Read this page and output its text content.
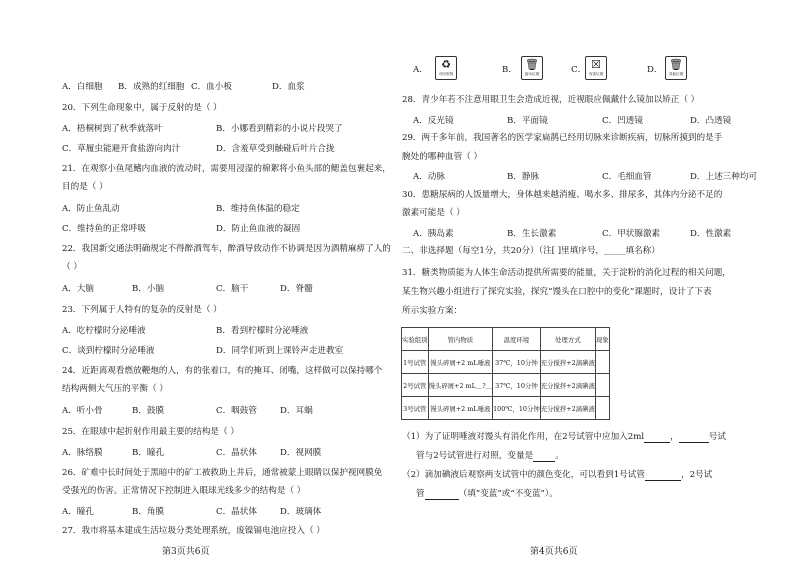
A．白细胞 B．成熟的红细胞 C．血小板	D．血浆
20．下列生命现象中，属于反射的是（ ）
A．梧桐树到了秋季就落叶	B．小娜看到精彩的小说片段哭了
C．草履虫能避开食盐游向肉汁	D．含羞草受到触碰后叶片合拢
21．在观察小鱼尾鳍内血液的流动时，需要用浸湿的棉絮将小鱼头部的鳃盖包裹起来，
目的是（ ）
A．防止鱼乱动	B．维持鱼体温的稳定
C．维持鱼的正常呼吸	D．防止鱼血液的凝固
22．我国新交通法明确规定不得醉酒驾车，醉酒导致动作不协调是因为酒精麻痹了人的
（ ）
A．大脑	B．小脑	C．脑干	D．脊髓
23．下列属于人特有的复杂的反射是（ ）
A．吃柠檬时分泌唾液	B．看到柠檬时分泌唾液
C．谈到柠檬时分泌唾液	D．同学们听到上课铃声走进教室
24．近距离观看燃放鞭炮的人，有的张着口，有的掩耳、闭嘴，这样做可以保持哪个
结构两侧大气压的平衡（ ）
A．听小骨	B．鼓膜	C．咽鼓管	D．耳蜗
25．在眼球中起折射作用最主要的结构是（ ）
A．脉络膜	B．瞳孔	C．晶状体	D．视网膜
26．矿难中长时间处于黑暗中的矿工被救助上井后，通常被蒙上眼睛以保护视网膜免
受强光的伤害。正常情况下控制进入眼球光线多少的结构是（ ）
A．瞳孔	B．角膜	C．晶状体	D．玻璃体
27．我市将基本建成生活垃圾分类处理系统，废镍镉电池应投入（ ）
第3页共6页
A．	♻
可回收物	B． 🗑
厨余垃圾	C． ☒
有害垃圾	D． 🗑
其他垃圾
28．青少年若不注意用眼卫生会造成近视，近视眼应佩戴什么镜加以矫正（ ）
A．反光镜	B．平面镜	C．凹透镜	D．凸透镜
29．两千多年前，我国著名的医学家扁鹊已经用切脉来诊断疾病，切脉所摸到的是手
腕处的哪种血管（ ）
A．动脉	B．静脉	C．毛细血管	D．上述三种均可
30．患糖尿病的人饭量增大，身体越来越消瘦、喝水多、排尿多，其体内分泌不足的
激素可能是（ ）
A．胰岛素	B．生长激素	C．甲状腺激素	D．性激素
二、非选择题（每空1分，共20分）（注[ ]里填序号，_____填名称）
31．糖类物质能为人体生命活动提供所需要的能量，关于淀粉的消化过程的相关问题，
某生物兴趣小组进行了探究实验，探究“馒头在口腔中的变化”课题时，设计了下表
所示实验方案：
实验组别	管内物质	温度环境	处理方式	现象
1号试管	馒头碎屑+2 mL唾液	37℃，10分钟	充分搅拌+2滴碘液	
2号试管	馒头碎屑+2 mL＿?＿	37℃，10分钟	充分搅拌+2滴碘液	
3号试管	馒头碎屑+2 mL唾液	100℃，10分钟	充分搅拌+2滴碘液	
（1）为了证明唾液对馒头有消化作用，在2号试管中应加入2ml	，	号试
管与2号试管进行对照，变量是	。
（2）滴加碘液后观察两支试管中的颜色变化，可以看到1号试管	，2号试
管	（填“变蓝”或“不变蓝”）。
第4页共6页
